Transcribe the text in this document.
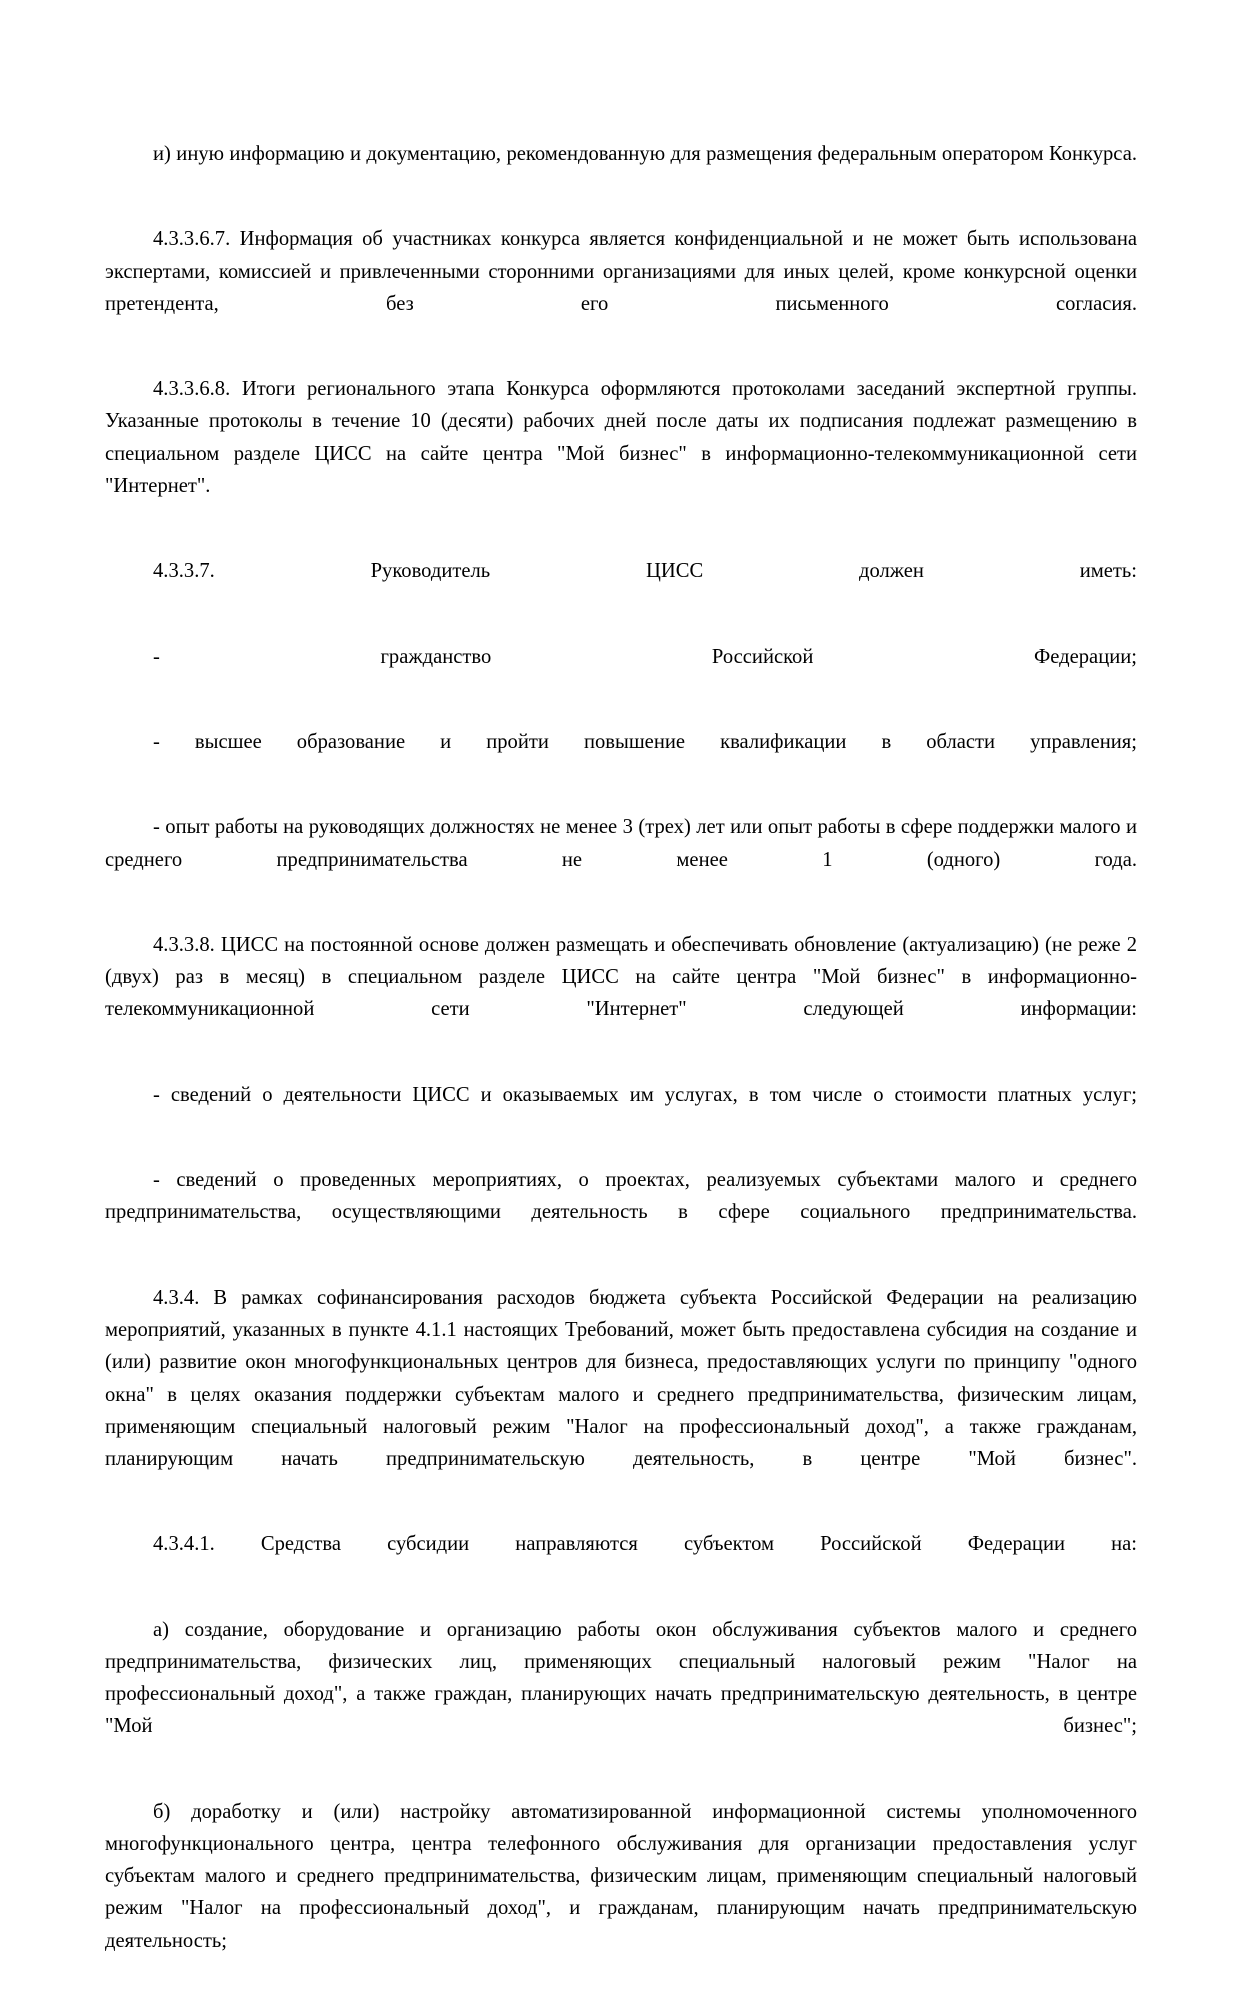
и) иную информацию и документацию, рекомендованную для размещения федеральным оператором Конкурса.

4.3.3.6.7. Информация об участниках конкурса является конфиденциальной и не может быть использована экспертами, комиссией и привлеченными сторонними организациями для иных целей, кроме конкурсной оценки претендента, без его письменного согласия.

4.3.3.6.8. Итоги регионального этапа Конкурса оформляются протоколами заседаний экспертной группы. Указанные протоколы в течение 10 (десяти) рабочих дней после даты их подписания подлежат размещению в специальном разделе ЦИСС на сайте центра "Мой бизнес" в информационно-телекоммуникационной сети "Интернет".

4.3.3.7. Руководитель ЦИСС должен иметь:

- гражданство Российской Федерации;

- высшее образование и пройти повышение квалификации в области управления;

- опыт работы на руководящих должностях не менее 3 (трех) лет или опыт работы в сфере поддержки малого и среднего предпринимательства не менее 1 (одного) года.

4.3.3.8. ЦИСС на постоянной основе должен размещать и обеспечивать обновление (актуализацию) (не реже 2 (двух) раз в месяц) в специальном разделе ЦИСС на сайте центра "Мой бизнес" в информационно-телекоммуникационной сети "Интернет" следующей информации:

- сведений о деятельности ЦИСС и оказываемых им услугах, в том числе о стоимости платных услуг;

- сведений о проведенных мероприятиях, о проектах, реализуемых субъектами малого и среднего предпринимательства, осуществляющими деятельность в сфере социального предпринимательства.

4.3.4. В рамках софинансирования расходов бюджета субъекта Российской Федерации на реализацию мероприятий, указанных в пункте 4.1.1 настоящих Требований, может быть предоставлена субсидия на создание и (или) развитие окон многофункциональных центров для бизнеса, предоставляющих услуги по принципу "одного окна" в целях оказания поддержки субъектам малого и среднего предпринимательства, физическим лицам, применяющим специальный налоговый режим "Налог на профессиональный доход", а также гражданам, планирующим начать предпринимательскую деятельность, в центре "Мой бизнес".

4.3.4.1. Средства субсидии направляются субъектом Российской Федерации на:

а) создание, оборудование и организацию работы окон обслуживания субъектов малого и среднего предпринимательства, физических лиц, применяющих специальный налоговый режим "Налог на профессиональный доход", а также граждан, планирующих начать предпринимательскую деятельность, в центре "Мой бизнес";

б) доработку и (или) настройку автоматизированной информационной системы уполномоченного многофункционального центра, центра телефонного обслуживания для организации предоставления услуг субъектам малого и среднего предпринимательства, физическим лицам, применяющим специальный налоговый режим "Налог на профессиональный доход", и гражданам, планирующим начать предпринимательскую деятельность;
